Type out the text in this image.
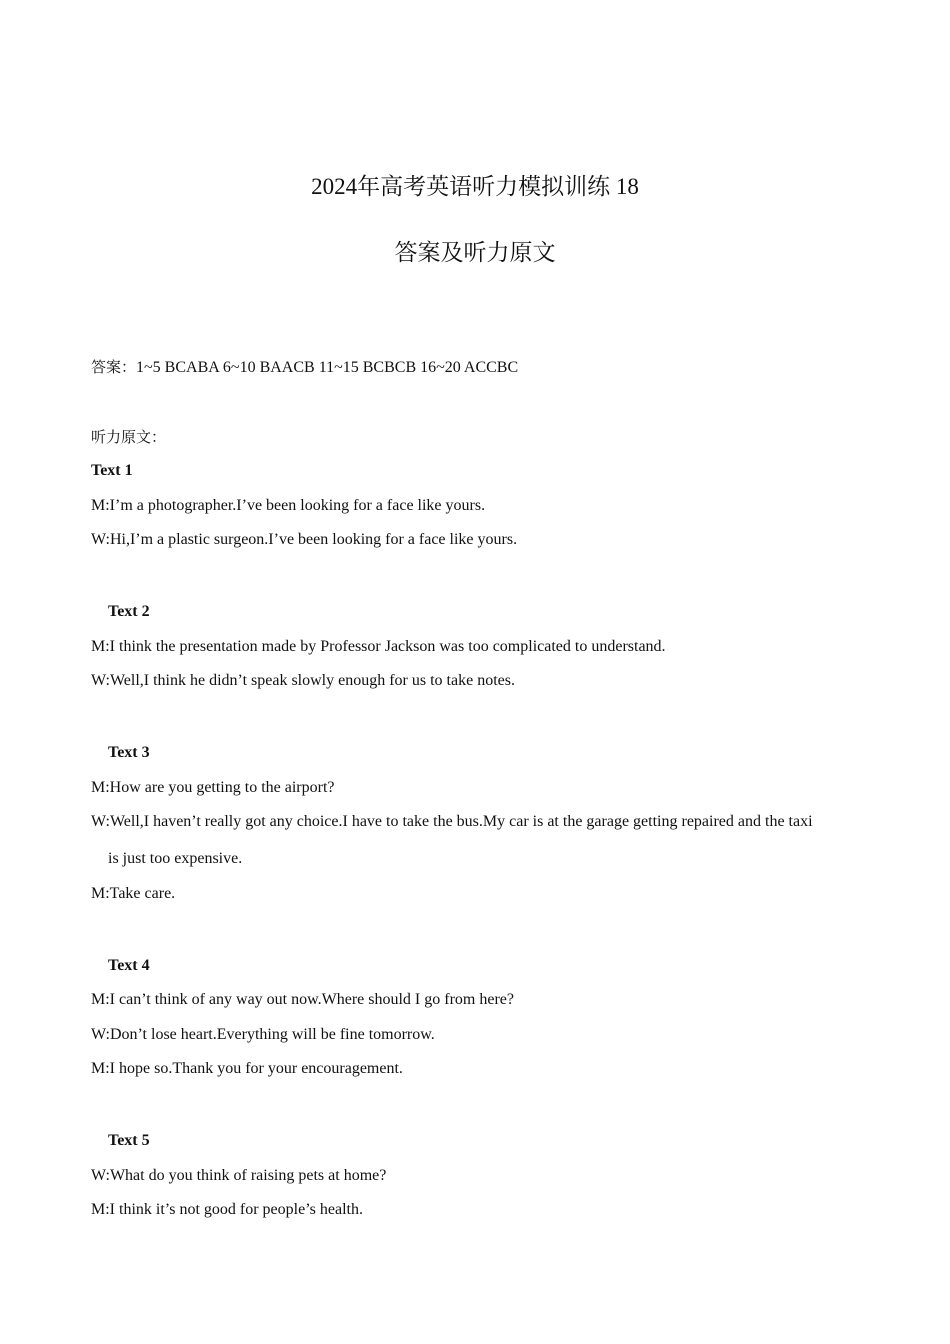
2024年高考英语听力模拟训练 18
答案及听力原文
答案：1~5 BCABA 6~10 BAACB 11~15 BCBCB 16~20 ACCBC
听力原文：
Text 1
M:I’m a photographer.I’ve been looking for a face like yours.
W:Hi,I’m a plastic surgeon.I’ve been looking for a face like yours.
Text 2
M:I think the presentation made by Professor Jackson was too complicated to understand.
W:Well,I think he didn’t speak slowly enough for us to take notes.
Text 3
M:How are you getting to the airport?
W:Well,I haven’t really got any choice.I have to take the bus.My car is at the garage getting repaired and the taxi
is just too expensive.
M:Take care.
Text 4
M:I can’t think of any way out now.Where should I go from here?
W:Don’t lose heart.Everything will be fine tomorrow.
M:I hope so.Thank you for your encouragement.
Text 5
W:What do you think of raising pets at home?
M:I think it’s not good for people’s health.
